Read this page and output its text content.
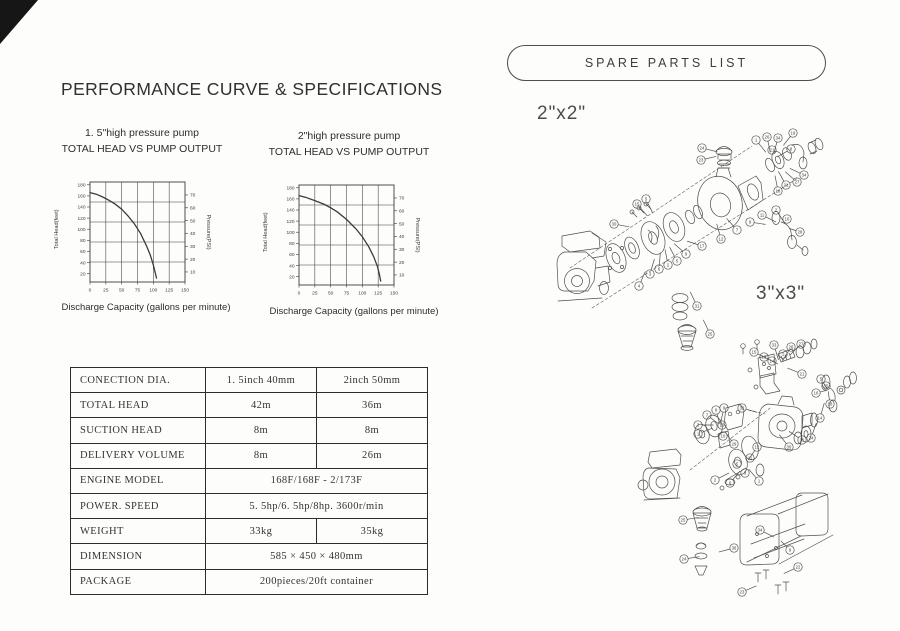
PERFORMANCE CURVE & SPECIFICATIONS
1. 5"high pressure pump
TOTAL HEAD VS PUMP OUTPUT
2"high pressure pump
TOTAL HEAD VS PUMP OUTPUT
180
160
140
120
100
80
60
40
20
70
60
50
40
30
20
10
0 25 50 75 100 125 150
Total Head(feet)	Pressure(PSI)
180
160
140
120
100
80
60
40
20
70
60
50
40
30
20
10
0 25 50 75 100 125 150
Total Head(feet)	Pressure(PSI)
Discharge Capacity (gallons per minute)	Discharge Capacity (gallons per minute)
CONECTION DIA.	1. 5inch 40mm	2inch 50mm
TOTAL HEAD	42m	36m
SUCTION HEAD	8m	8m
DELIVERY VOLUME	8m	26m
ENGINE MODEL	168F/168F - 2/173F	
POWER. SPEED	5. 5hp/6. 5hp/8hp. 3600r/min	
WEIGHT	33kg	35kg
DIMENSION	585 × 450 × 480mm	
PACKAGE	200pieces/20ft container	
SPARE PARTS LIST
2"x2"
3"x3"
24
23
1
26 34
19
8
21
34
27
21
18
2
10
28
11
9
7
12
17
15
5
30
9
5
2
6
3
4
31
25
15
13
33
1
26
27
14
21
5
35
16
18
14
32
7
8 9
3
1
15
10
29
12
11
5
3
1
2
6
31 24
30
25
24
36
34
9
22
23
